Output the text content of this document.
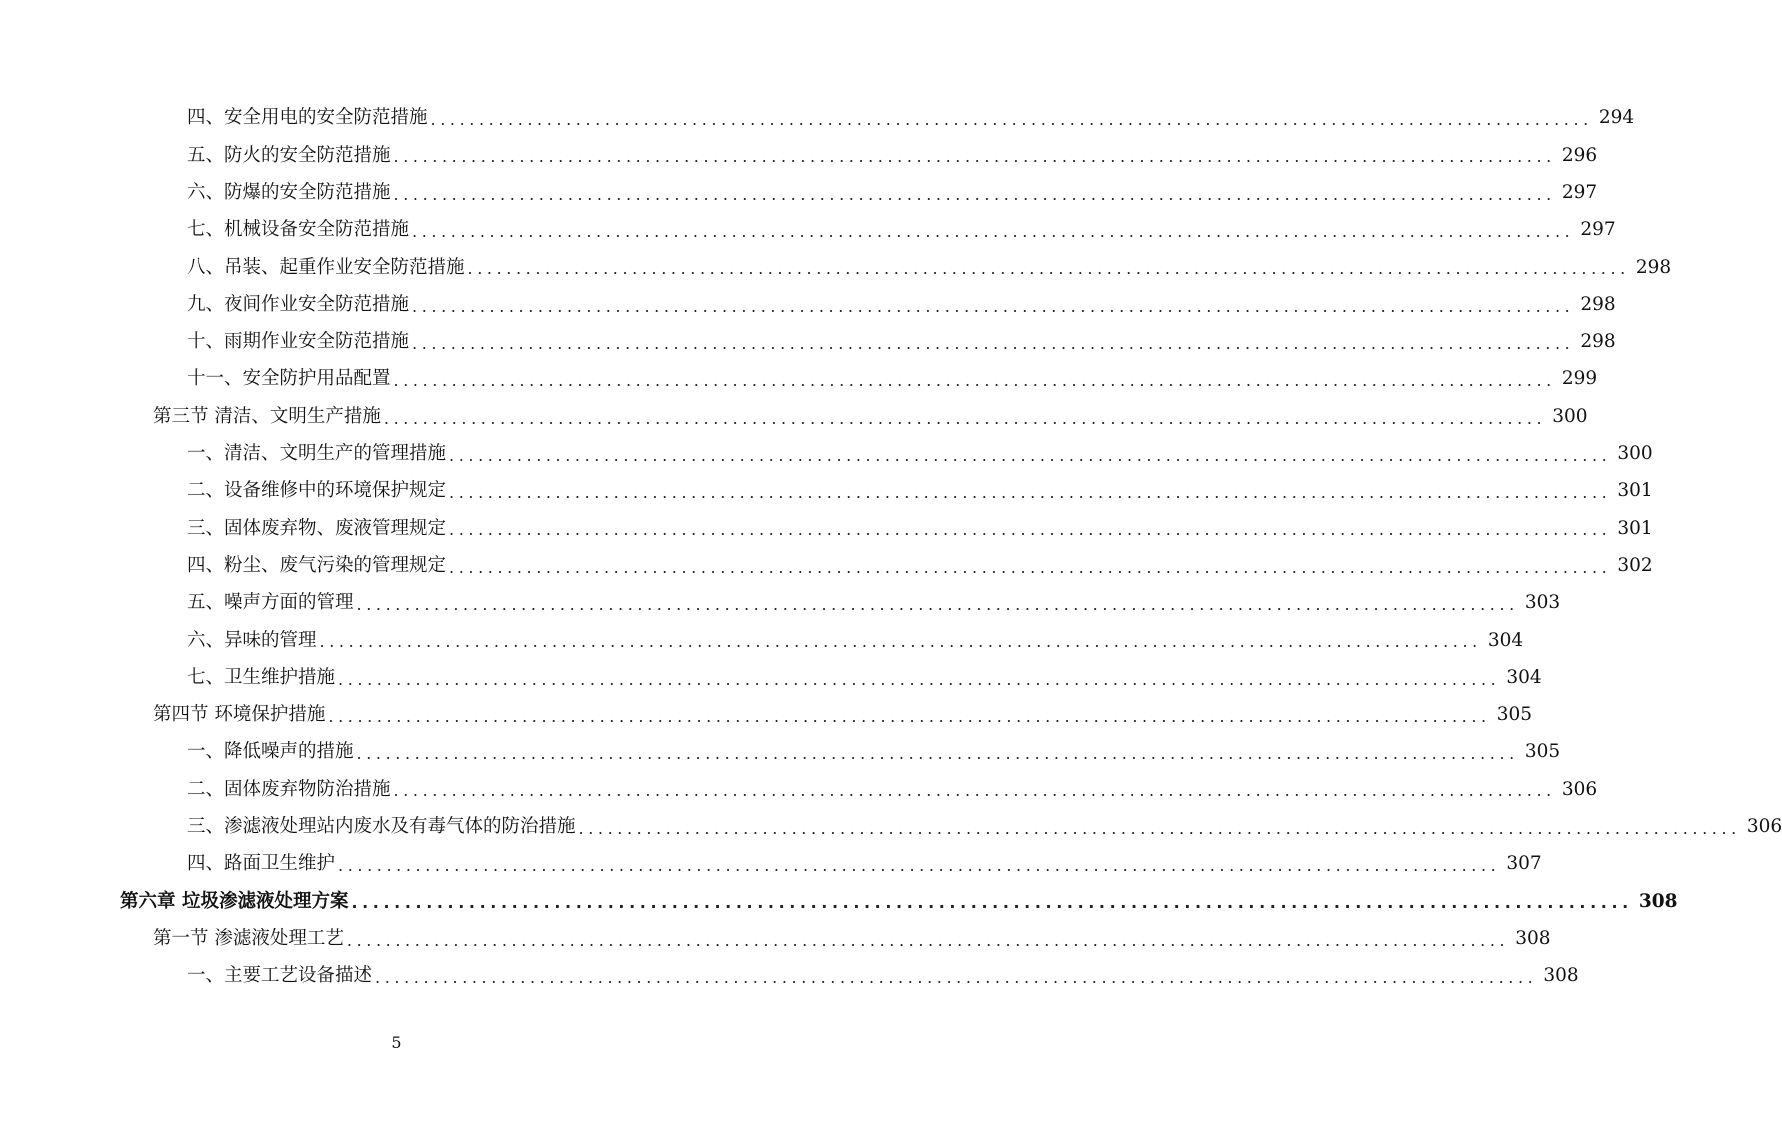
四、安全用电的安全防范措施 ........................................................................................................................ 294
五、防火的安全防范措施 ........................................................................................................................ 296
六、防爆的安全防范措施 ........................................................................................................................ 297
七、机械设备安全防范措施 ........................................................................................................................ 297
八、吊装、起重作业安全防范措施 ........................................................................................................................ 298
九、夜间作业安全防范措施 ........................................................................................................................ 298
十、雨期作业安全防范措施 ........................................................................................................................ 298
十一、安全防护用品配置 ........................................................................................................................ 299
第三节 清洁、文明生产措施 ........................................................................................................................ 300
一、清洁、文明生产的管理措施 ........................................................................................................................ 300
二、设备维修中的环境保护规定 ........................................................................................................................ 301
三、固体废弃物、废液管理规定 ........................................................................................................................ 301
四、粉尘、废气污染的管理规定 ........................................................................................................................ 302
五、噪声方面的管理 ........................................................................................................................ 303
六、异味的管理 ........................................................................................................................ 304
七、卫生维护措施 ........................................................................................................................ 304
第四节 环境保护措施 ........................................................................................................................ 305
一、降低噪声的措施 ........................................................................................................................ 305
二、固体废弃物防治措施 ........................................................................................................................ 306
三、渗滤液处理站内废水及有毒气体的防治措施 ........................................................................................................................ 306
四、路面卫生维护 ........................................................................................................................ 307
第六章 垃圾渗滤液处理方案 ........................................................................................................................ 308
第一节 渗滤液处理工艺 ........................................................................................................................ 308
一、主要工艺设备描述 ........................................................................................................................ 308
5
